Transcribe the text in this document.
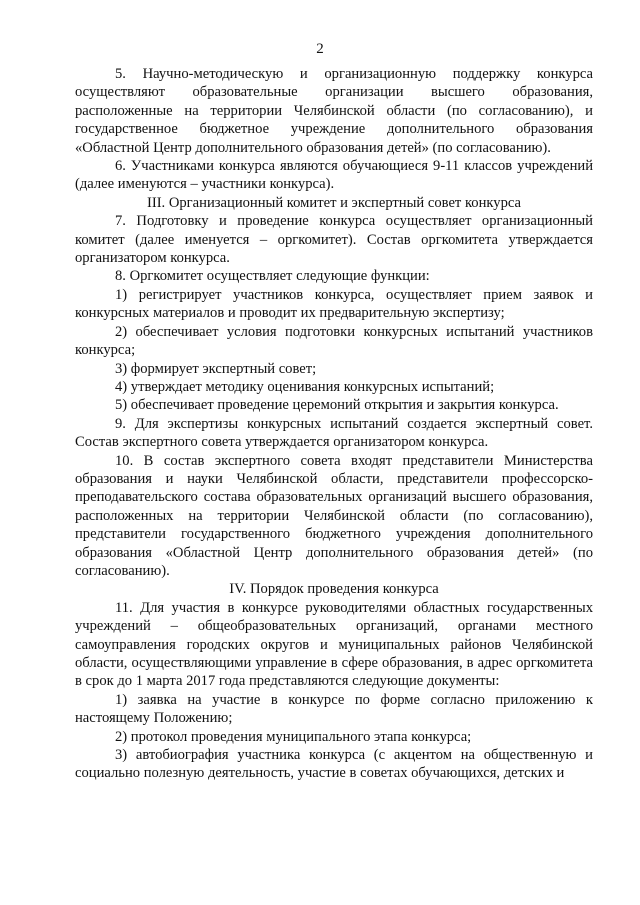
2

5. Научно-методическую и организационную поддержку конкурса осуществляют образовательные организации высшего образования, расположенные на территории Челябинской области (по согласованию), и государственное бюджетное учреждение дополнительного образования «Областной Центр дополнительного образования детей» (по согласованию).

6. Участниками конкурса являются обучающиеся 9-11 классов учреждений (далее именуются – участники конкурса).

III. Организационный комитет и экспертный совет конкурса

7. Подготовку и проведение конкурса осуществляет организационный комитет (далее именуется – оргкомитет). Состав оргкомитета утверждается организатором конкурса.

8. Оргкомитет осуществляет следующие функции:

1) регистрирует участников конкурса, осуществляет прием заявок и конкурсных материалов и проводит их предварительную экспертизу;

2) обеспечивает условия подготовки конкурсных испытаний участников конкурса;

3) формирует экспертный совет;

4) утверждает методику оценивания конкурсных испытаний;

5) обеспечивает проведение церемоний открытия и закрытия конкурса.

9. Для экспертизы конкурсных испытаний создается экспертный совет. Состав экспертного совета утверждается организатором конкурса.

10. В состав экспертного совета входят представители Министерства образования и науки Челябинской области, представители профессорско-преподавательского состава образовательных организаций высшего образования, расположенных на территории Челябинской области (по согласованию), представители государственного бюджетного учреждения дополнительного образования «Областной Центр дополнительного образования детей» (по согласованию).

IV. Порядок проведения конкурса

11. Для участия в конкурсе руководителями областных государственных учреждений – общеобразовательных организаций, органами местного самоуправления городских округов и муниципальных районов Челябинской области, осуществляющими управление в сфере образования, в адрес оргкомитета в срок до 1 марта 2017 года представляются следующие документы:

1) заявка на участие в конкурсе по форме согласно приложению к настоящему Положению;

2) протокол проведения муниципального этапа конкурса;

3) автобиография участника конкурса (с акцентом на общественную и социально полезную деятельность, участие в советах обучающихся, детских и
